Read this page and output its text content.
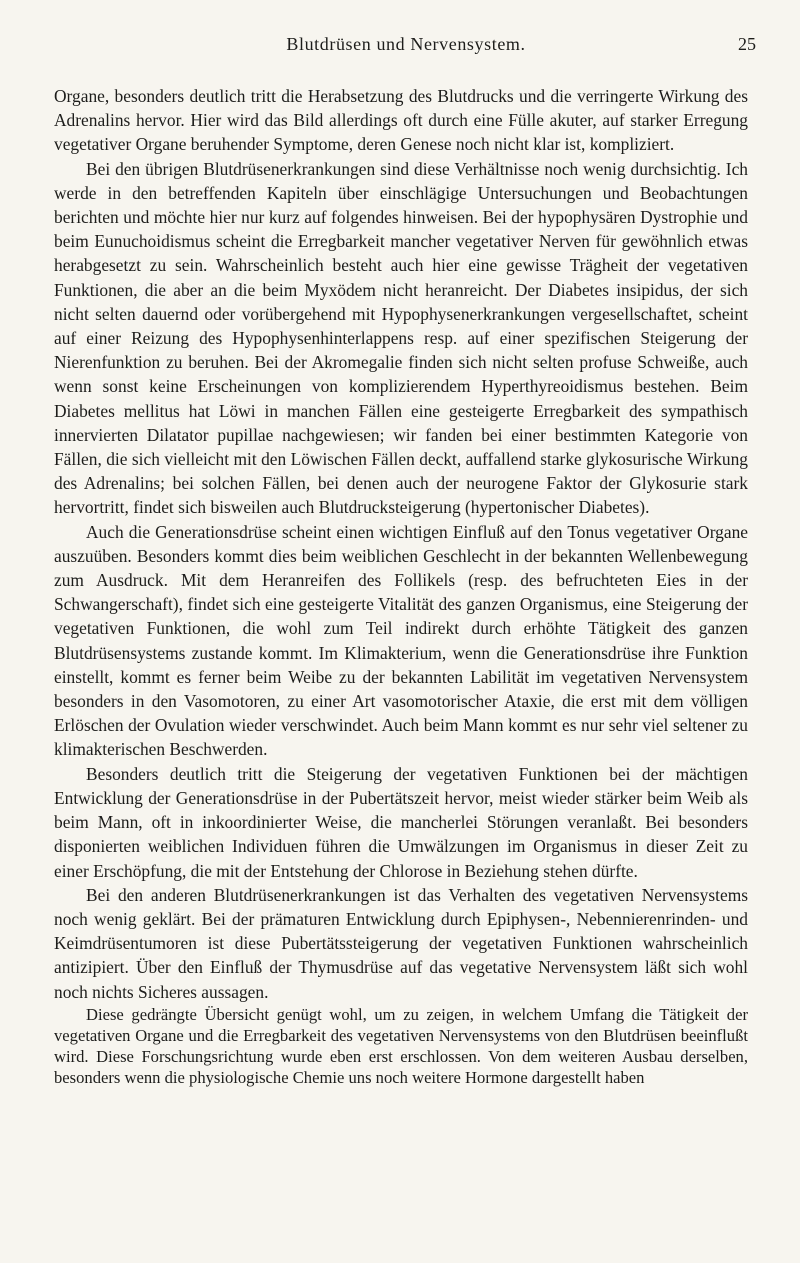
Blutdrüsen und Nervensystem.	25

Organe, besonders deutlich tritt die Herabsetzung des Blutdrucks und die verringerte Wirkung des Adrenalins hervor. Hier wird das Bild allerdings oft durch eine Fülle akuter, auf starker Erregung vegetativer Organe beruhender Symptome, deren Genese noch nicht klar ist, kompliziert.

Bei den übrigen Blutdrüsenerkrankungen sind diese Verhältnisse noch wenig durchsichtig. Ich werde in den betreffenden Kapiteln über einschlägige Untersuchungen und Beobachtungen berichten und möchte hier nur kurz auf folgendes hinweisen. Bei der hypophysären Dystrophie und beim Eunuchoidismus scheint die Erregbarkeit mancher vegetativer Nerven für gewöhnlich etwas herabgesetzt zu sein. Wahrscheinlich besteht auch hier eine gewisse Trägheit der vegetativen Funktionen, die aber an die beim Myxödem nicht heranreicht. Der Diabetes insipidus, der sich nicht selten dauernd oder vorübergehend mit Hypophysenerkrankungen vergesellschaftet, scheint auf einer Reizung des Hypophysenhinterlappens resp. auf einer spezifischen Steigerung der Nierenfunktion zu beruhen. Bei der Akromegalie finden sich nicht selten profuse Schweiße, auch wenn sonst keine Erscheinungen von komplizierendem Hyperthyreoidismus bestehen. Beim Diabetes mellitus hat Löwi in manchen Fällen eine gesteigerte Erregbarkeit des sympathisch innervierten Dilatator pupillae nachgewiesen; wir fanden bei einer bestimmten Kategorie von Fällen, die sich vielleicht mit den Löwischen Fällen deckt, auffallend starke glykosurische Wirkung des Adrenalins; bei solchen Fällen, bei denen auch der neurogene Faktor der Glykosurie stark hervortritt, findet sich bisweilen auch Blutdrucksteigerung (hypertonischer Diabetes).

Auch die Generationsdrüse scheint einen wichtigen Einfluß auf den Tonus vegetativer Organe auszuüben. Besonders kommt dies beim weiblichen Geschlecht in der bekannten Wellenbewegung zum Ausdruck. Mit dem Heranreifen des Follikels (resp. des befruchteten Eies in der Schwangerschaft), findet sich eine gesteigerte Vitalität des ganzen Organismus, eine Steigerung der vegetativen Funktionen, die wohl zum Teil indirekt durch erhöhte Tätigkeit des ganzen Blutdrüsensystems zustande kommt. Im Klimakterium, wenn die Generationsdrüse ihre Funktion einstellt, kommt es ferner beim Weibe zu der bekannten Labilität im vegetativen Nervensystem besonders in den Vasomotoren, zu einer Art vasomotorischer Ataxie, die erst mit dem völligen Erlöschen der Ovulation wieder verschwindet. Auch beim Mann kommt es nur sehr viel seltener zu klimakterischen Beschwerden.

Besonders deutlich tritt die Steigerung der vegetativen Funktionen bei der mächtigen Entwicklung der Generationsdrüse in der Pubertätszeit hervor, meist wieder stärker beim Weib als beim Mann, oft in inkoordinierter Weise, die mancherlei Störungen veranlaßt. Bei besonders disponierten weiblichen Individuen führen die Umwälzungen im Organismus in dieser Zeit zu einer Erschöpfung, die mit der Entstehung der Chlorose in Beziehung stehen dürfte.

Bei den anderen Blutdrüsenerkrankungen ist das Verhalten des vegetativen Nervensystems noch wenig geklärt. Bei der prämaturen Entwicklung durch Epiphysen-, Nebennierenrinden- und Keimdrüsentumoren ist diese Pubertätssteigerung der vegetativen Funktionen wahrscheinlich antizipiert. Über den Einfluß der Thymusdrüse auf das vegetative Nervensystem läßt sich wohl noch nichts Sicheres aussagen.

Diese gedrängte Übersicht genügt wohl, um zu zeigen, in welchem Umfang die Tätigkeit der vegetativen Organe und die Erregbarkeit des vegetativen Nervensystems von den Blutdrüsen beeinflußt wird. Diese Forschungsrichtung wurde eben erst erschlossen. Von dem weiteren Ausbau derselben, besonders wenn die physiologische Chemie uns noch weitere Hormone dargestellt haben
